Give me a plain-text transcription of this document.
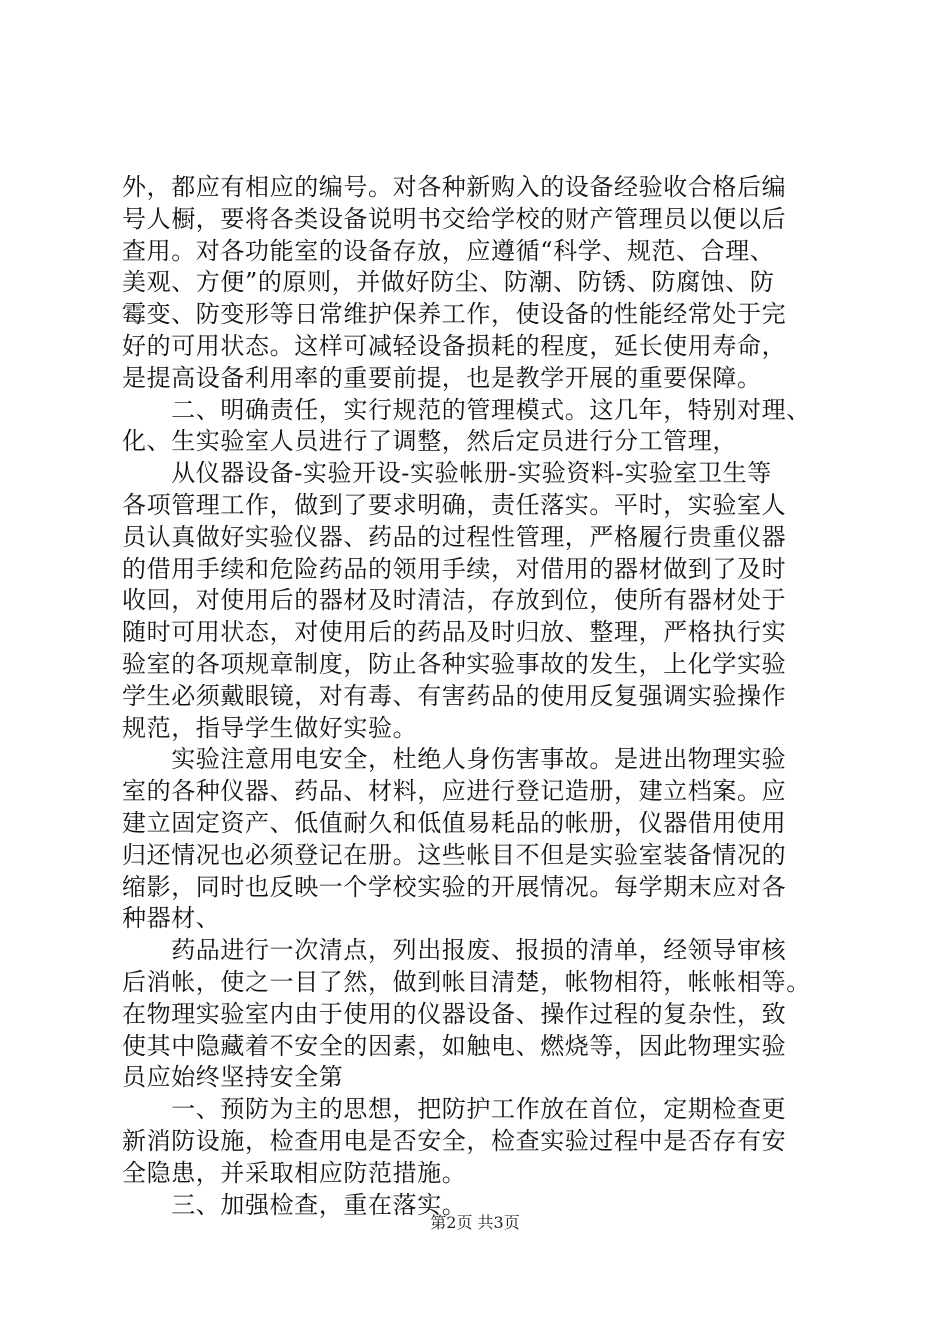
外，都应有相应的编号。对各种新购入的设备经验收合格后编
号人橱，要将各类设备说明书交给学校的财产管理员以便以后
查用。对各功能室的设备存放，应遵循“科学、规范、合理、
美观、方便”的原则，并做好防尘、防潮、防锈、防腐蚀、防
霉变、防变形等日常维护保养工作，使设备的性能经常处于完
好的可用状态。这样可减轻设备损耗的程度，延长使用寿命，
是提高设备利用率的重要前提，也是教学开展的重要保障。
　　二、明确责任，实行规范的管理模式。这几年，特别对理、
化、生实验室人员进行了调整，然后定员进行分工管理，
　　从仪器设备-实验开设-实验帐册-实验资料-实验室卫生等
各项管理工作，做到了要求明确，责任落实。平时，实验室人
员认真做好实验仪器、药品的过程性管理，严格履行贵重仪器
的借用手续和危险药品的领用手续，对借用的器材做到了及时
收回，对使用后的器材及时清洁，存放到位，使所有器材处于
随时可用状态，对使用后的药品及时归放、整理，严格执行实
验室的各项规章制度，防止各种实验事故的发生，上化学实验
学生必须戴眼镜，对有毒、有害药品的使用反复强调实验操作
规范，指导学生做好实验。
　　实验注意用电安全，杜绝人身伤害事故。是进出物理实验
室的各种仪器、药品、材料，应进行登记造册，建立档案。应
建立固定资产、低值耐久和低值易耗品的帐册，仪器借用使用
归还情况也必须登记在册。这些帐目不但是实验室装备情况的
缩影，同时也反映一个学校实验的开展情况。每学期末应对各
种器材、
　　药品进行一次清点，列出报废、报损的清单，经领导审核
后消帐，使之一目了然，做到帐目清楚，帐物相符，帐帐相等。
在物理实验室内由于使用的仪器设备、操作过程的复杂性，致
使其中隐藏着不安全的因素，如触电、燃烧等，因此物理实验
员应始终坚持安全第
　　一、预防为主的思想，把防护工作放在首位，定期检查更
新消防设施，检查用电是否安全，检查实验过程中是否存有安
全隐患，并采取相应防范措施。
　　三、加强检查，重在落实。
第2页 共3页
